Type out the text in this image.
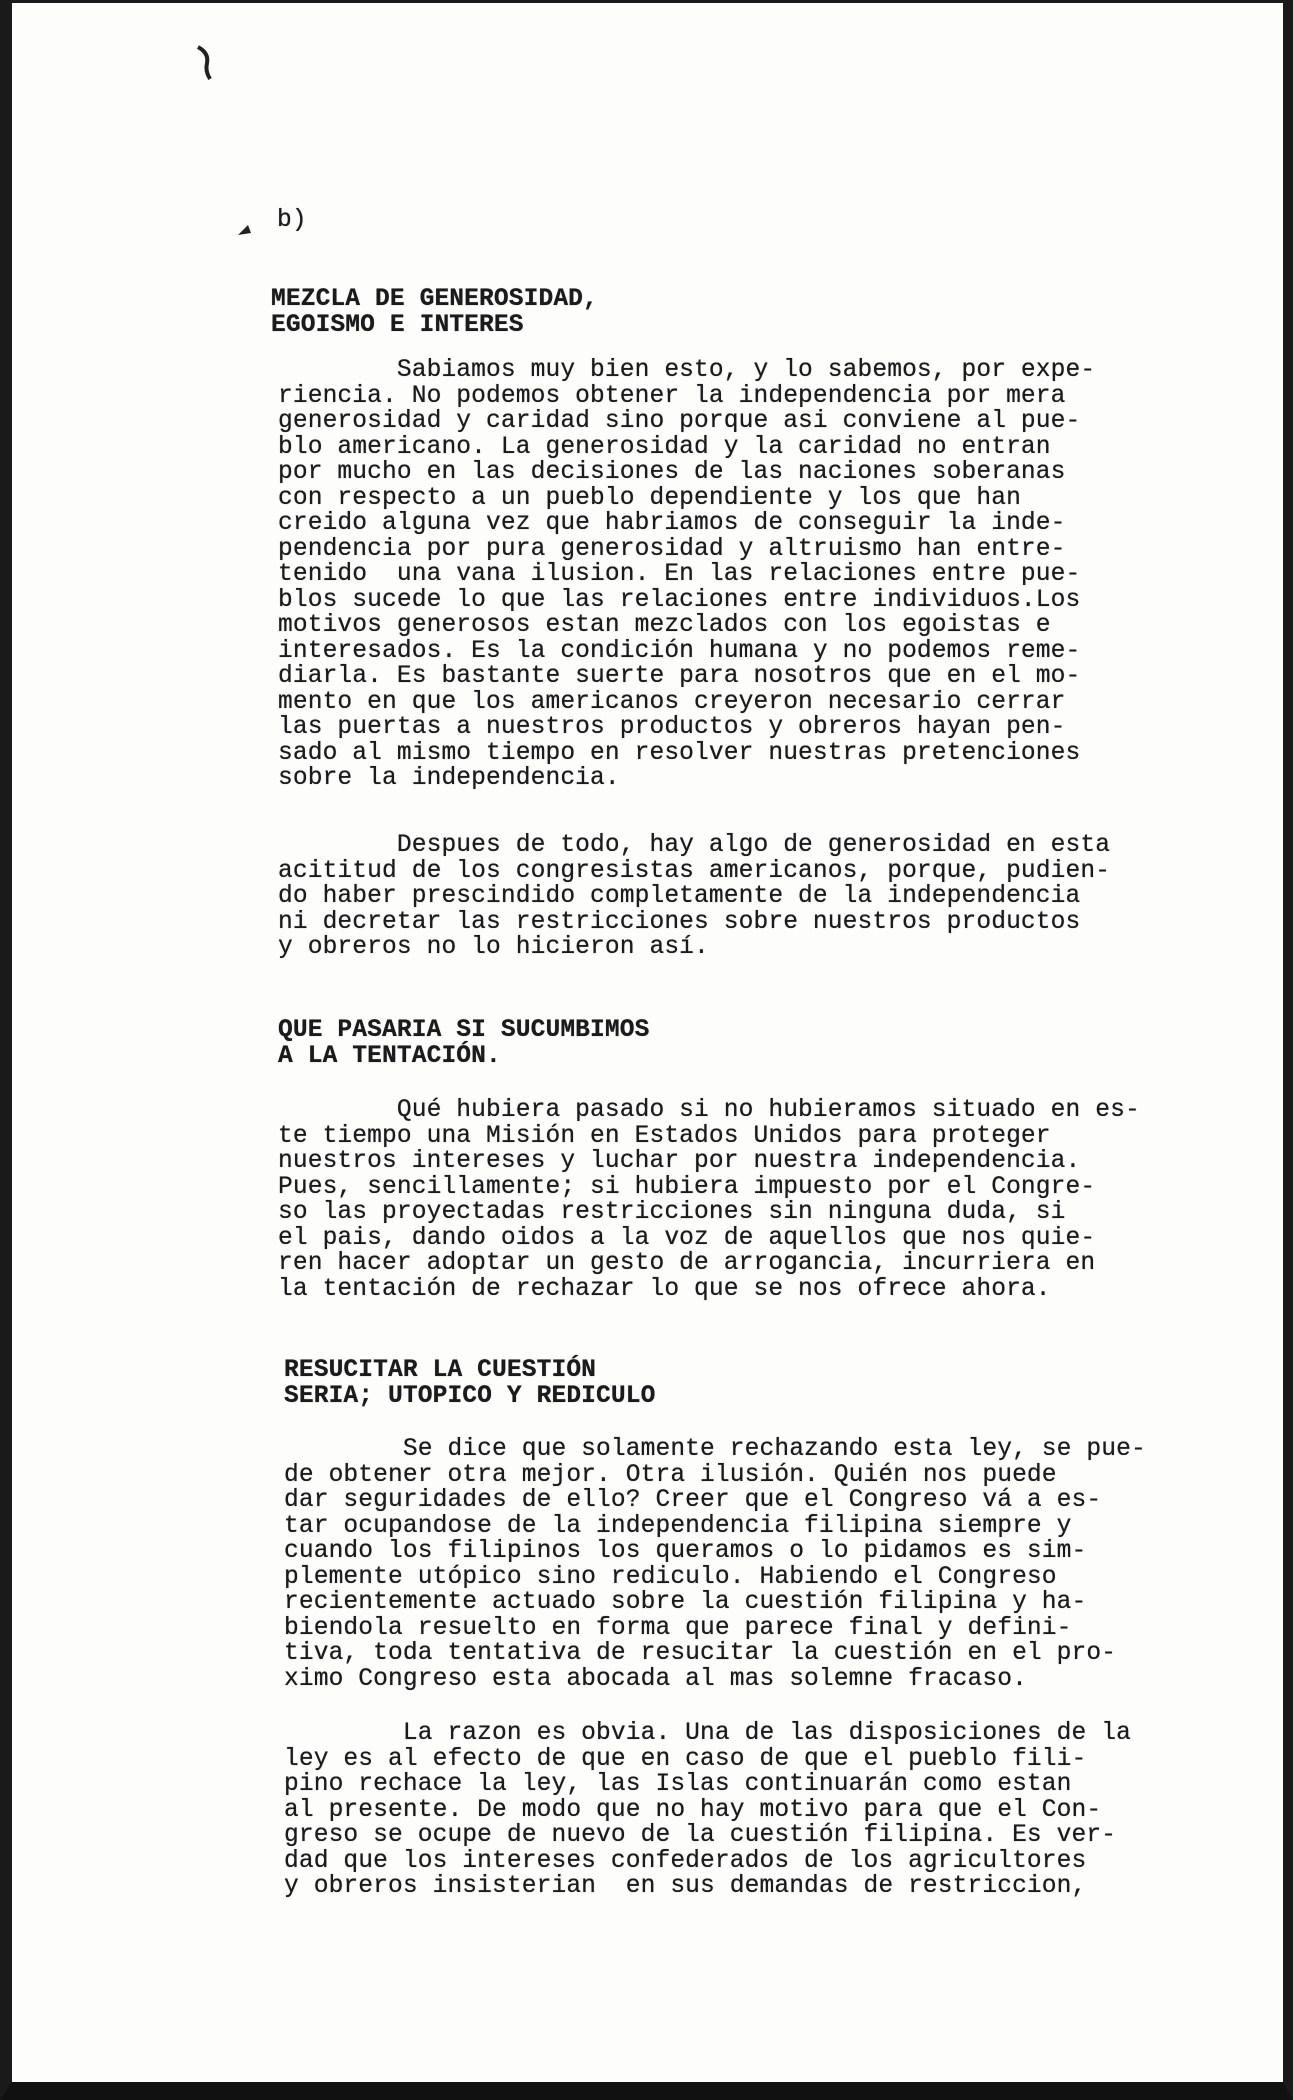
b)

MEZCLA DE GENEROSIDAD,

EGOISMO E INTERES

Sabiamos muy bien esto, y lo sabemos, por expe-

riencia. No podemos obtener la independencia por mera

generosidad y caridad sino porque asi conviene al pue-

blo americano. La generosidad y la caridad no entran

por mucho en las decisiones de las naciones soberanas

con respecto a un pueblo dependiente y los que han

creido alguna vez que habriamos de conseguir la inde-

pendencia por pura generosidad y altruismo han entre-

tenido  una vana ilusion. En las relaciones entre pue-

blos sucede lo que las relaciones entre individuos.Los

motivos generosos estan mezclados con los egoistas e

interesados. Es la condición humana y no podemos reme-

diarla. Es bastante suerte para nosotros que en el mo-

mento en que los americanos creyeron necesario cerrar

las puertas a nuestros productos y obreros hayan pen-

sado al mismo tiempo en resolver nuestras pretenciones

sobre la independencia.

Despues de todo, hay algo de generosidad en esta

acititud de los congresistas americanos, porque, pudien-

do haber prescindido completamente de la independencia

ni decretar las restricciones sobre nuestros productos

y obreros no lo hicieron así.

QUE PASARIA SI SUCUMBIMOS

A LA TENTACIÓN.

Qué hubiera pasado si no hubieramos situado en es-

te tiempo una Misión en Estados Unidos para proteger

nuestros intereses y luchar por nuestra independencia.

Pues, sencillamente; si hubiera impuesto por el Congre-

so las proyectadas restricciones sin ninguna duda, si

el pais, dando oidos a la voz de aquellos que nos quie-

ren hacer adoptar un gesto de arrogancia, incurriera en

la tentación de rechazar lo que se nos ofrece ahora.

RESUCITAR LA CUESTIÓN

SERIA; UTOPICO Y REDICULO

Se dice que solamente rechazando esta ley, se pue-

de obtener otra mejor. Otra ilusión. Quién nos puede

dar seguridades de ello? Creer que el Congreso vá a es-

tar ocupandose de la independencia filipina siempre y

cuando los filipinos los queramos o lo pidamos es sim-

plemente utópico sino rediculo. Habiendo el Congreso

recientemente actuado sobre la cuestión filipina y ha-

biendola resuelto en forma que parece final y defini-

tiva, toda tentativa de resucitar la cuestión en el pro-

ximo Congreso esta abocada al mas solemne fracaso.

La razon es obvia. Una de las disposiciones de la

ley es al efecto de que en caso de que el pueblo fili-

pino rechace la ley, las Islas continuarán como estan

al presente. De modo que no hay motivo para que el Con-

greso se ocupe de nuevo de la cuestión filipina. Es ver-

dad que los intereses confederados de los agricultores

y obreros insisterian  en sus demandas de restriccion,
